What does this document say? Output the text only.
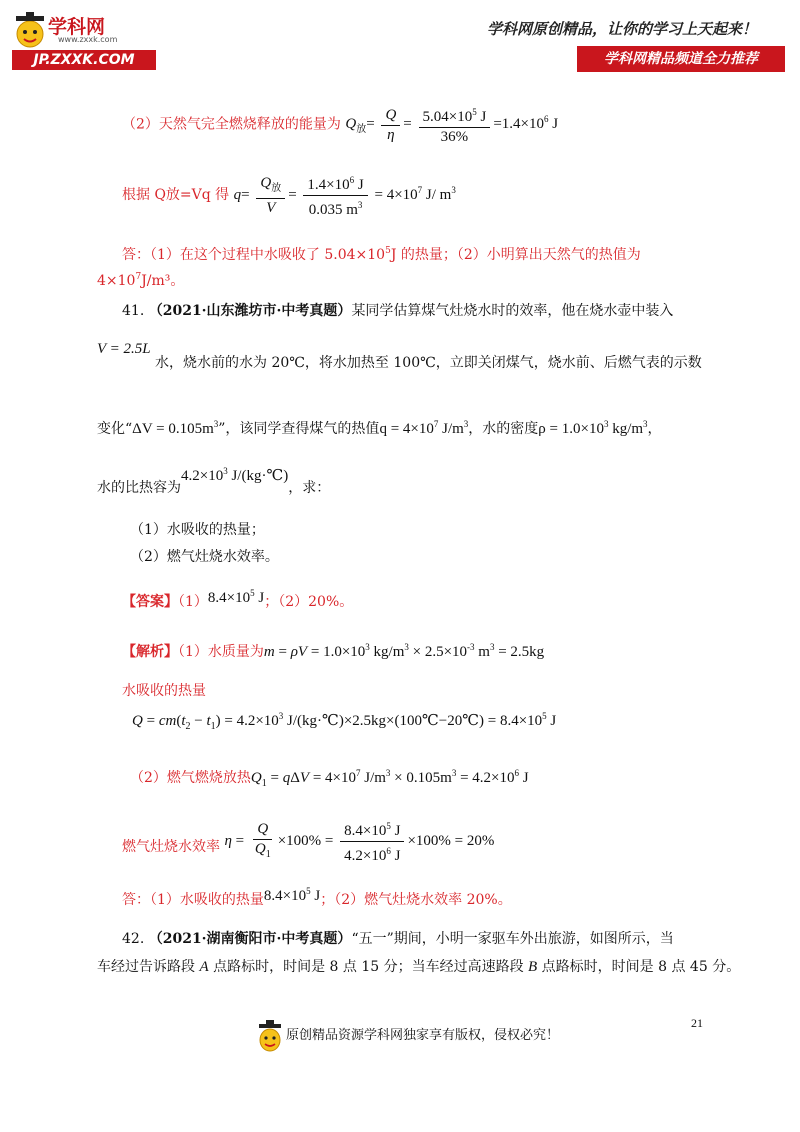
学科网
www.zxxk.com
JP.ZXXK.COM
学科网原创精品，让你的学习上天起来！
学科网精品频道全力推荐
（2）天然气完全燃烧释放的能量为 $Q_放= \frac{Q}{\eta} = \frac{5.04\times 10^5 J}{36\%} =1.4\times 10^6$ J
根据 Q放=Vq 得 $q= \frac{Q_放}{V} = \frac{1.4\times 10^6 J}{0.035 m^3} = 4\times 10^7$ J/ $m^3$
答：（1）在这个过程中水吸收了 $5.04\times 10^5J$ 的热量；（2）小明算出天然气的热值为
$4\times 10^7J/m^3$。
41. （2021·山东潍坊市·中考真题）某同学估算煤气灶烧水时的效率，他在烧水壶中装入
V = 2.5L
水，烧水前的水为 20℃，将水加热至 100℃，立即关闭煤气，烧水前、后燃气表的示数
变化“$\Delta V = 0.105m^3$”，该同学查得煤气的热值$q = 4\times 10^7$ $J/m^3$，水的密度$\rho = 1.0\times 10^3$ $kg/m^3$，
水的比热容为$4.2\times 10^3$ J/(kg·℃)，求：
（1）水吸收的热量；
（2）燃气灶烧水效率。
【答案】$(1)8.4\times 10^5$ J；（2）20%。
【解析】（1）水质量为$m = \rho V = 1.0\times 10^3$ $kg/m^3 \times 2.5\times 10^{-3}$ $m^3 = 2.5kg$
水吸收的热量
$Q = cm(t_2 - t_1) = 4.2\times 10^3$ J/(kg·℃)×2.5kg×(100℃−20℃) = $8.4\times 10^5$ J
（2）燃气燃烧放热$Q_1 = q\Delta V = 4\times 10^7$ $J/m^3 \times 0.105m^3 = 4.2\times 10^6$ J
燃气灶烧水效率 $\eta = \frac{Q}{Q_1} \times 100\% = \frac{8.4\times 10^5 J}{4.2\times 10^6 J} \times 100\% = 20\%$
答：（1）水吸收的热量$8.4\times 10^5$ J；（2）燃气灶烧水效率 20%。
42. （2021·湖南衡阳市·中考真题）“五一”期间，小明一家驱车外出旅游，如图所示，当
车经过告诉路段 A 点路标时，时间是 8 点 15 分；当车经过高速路段 B 点路标时，时间是 8 点 45 分。
21
原创精品资源学科网独家享有版权，侵权必究！
